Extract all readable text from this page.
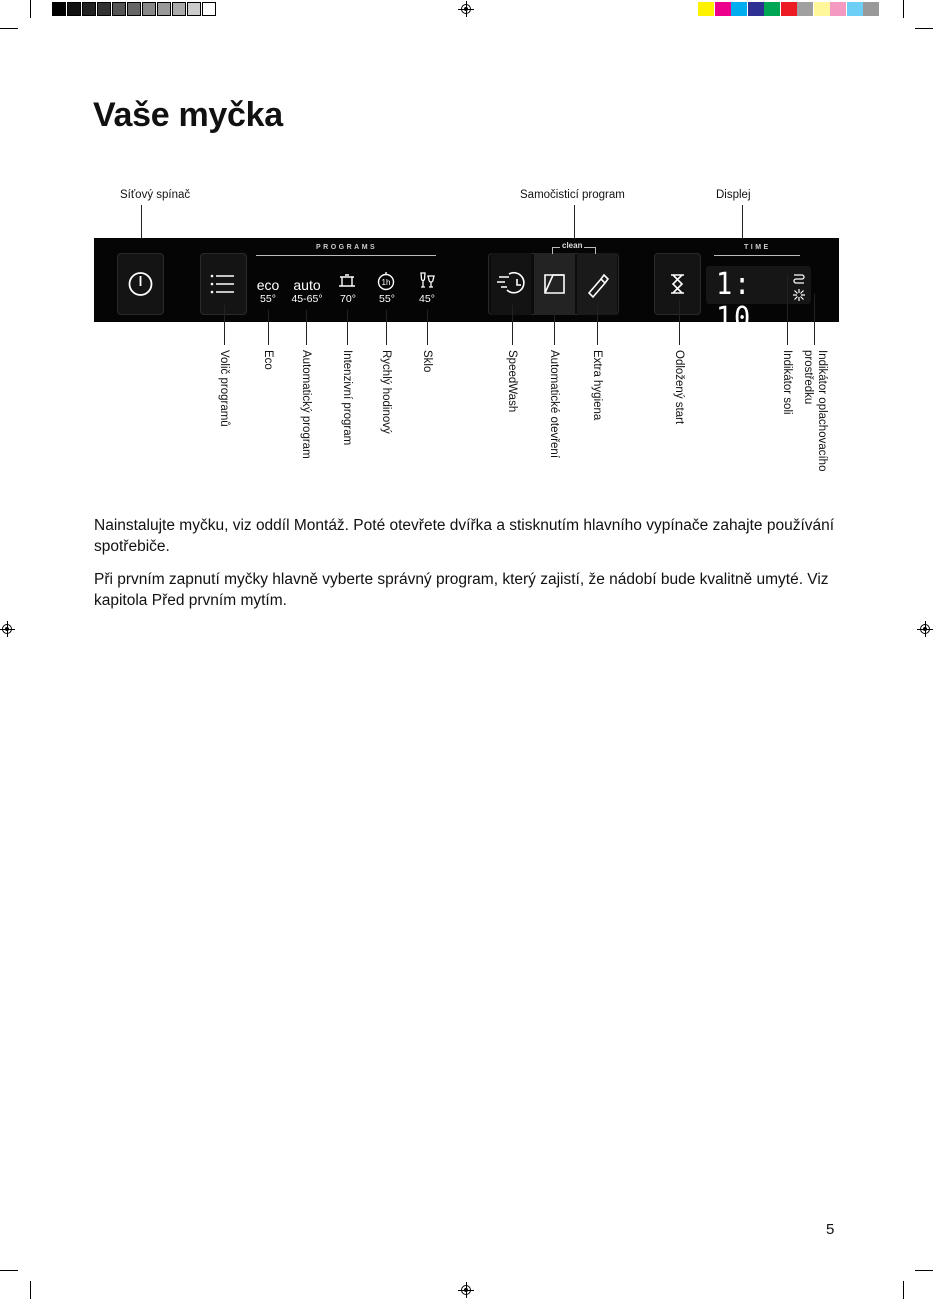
Vaše myčka
Síťový spínač	Samočisticí program	Displej
PROGRAMS
eco
55°
auto
45-65°	70°
1h
55°	45°
clean	TIME
1: 10
Volič programů	Eco Automatický program	Intenzivní program Rychlý hodinový	Sklo	SpeedWash	Automatické otevření	Extra hygiena	Odložený start	Indikátor soli	Indikátor oplachovacího prostředku

Nainstalujte myčku, viz oddíl Montáž. Poté otevřete dvířka a stisknutím hlavního vypínače zahajte používání spotřebiče.

Při prvním zapnutí myčky hlavně vyberte správný program, který zajistí, že nádobí bude kvalitně umyté. Viz kapitola Před prvním mytím.

5
